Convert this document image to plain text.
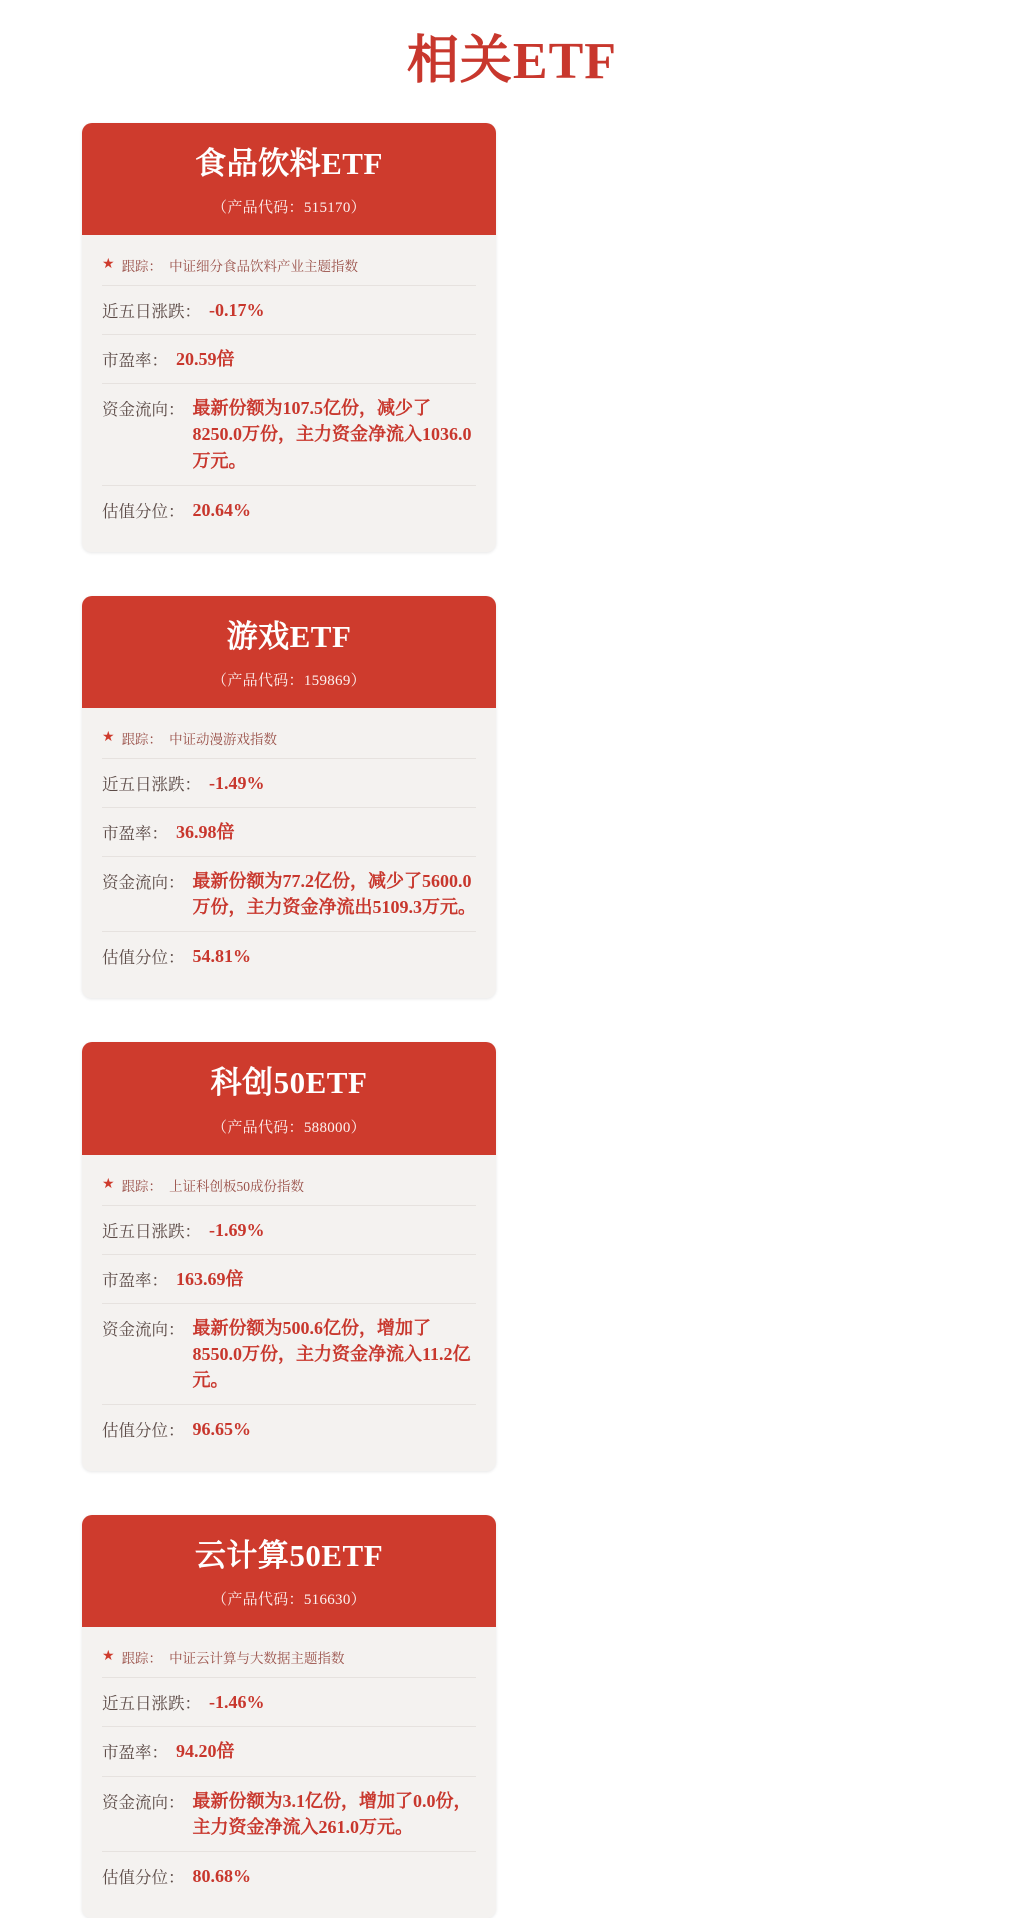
相关ETF
食品饮料ETF
（产品代码：515170）
★ 跟踪： 中证细分食品饮料产业主题指数
近五日涨跌： -0.17%
市盈率： 20.59倍
资金流向： 最新份额为107.5亿份，减少了8250.0万份，主力资金净流入1036.0万元。
估值分位： 20.64%
游戏ETF
（产品代码：159869）
★ 跟踪： 中证动漫游戏指数
近五日涨跌： -1.49%
市盈率： 36.98倍
资金流向： 最新份额为77.2亿份，减少了5600.0万份，主力资金净流出5109.3万元。
估值分位： 54.81%
科创50ETF
（产品代码：588000）
★ 跟踪： 上证科创板50成份指数
近五日涨跌： -1.69%
市盈率： 163.69倍
资金流向： 最新份额为500.6亿份，增加了8550.0万份，主力资金净流入11.2亿元。
估值分位： 96.65%
云计算50ETF
（产品代码：516630）
★ 跟踪： 中证云计算与大数据主题指数
近五日涨跌： -1.46%
市盈率： 94.20倍
资金流向： 最新份额为3.1亿份，增加了0.0份，主力资金净流入261.0万元。
估值分位： 80.68%
